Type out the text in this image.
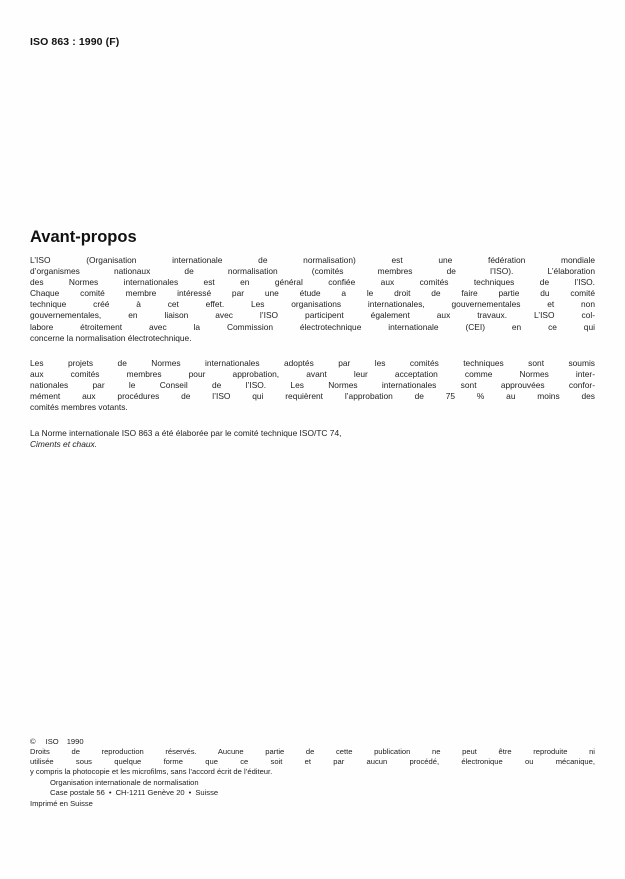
ISO 863 : 1990 (F)
Avant-propos
L’ISO (Organisation internationale de normalisation) est une fédération mondiale
d’organismes nationaux de normalisation (comités membres de l’ISO). L’élaboration
des Normes internationales est en général confiée aux comités techniques de l’ISO.
Chaque comité membre intéressé par une étude a le droit de faire partie du comité
technique créé à cet effet. Les organisations internationales, gouvernementales et non
gouvernementales, en liaison avec l’ISO participent également aux travaux. L’ISO col-
labore étroitement avec la Commission électrotechnique internationale (CEI) en ce qui
concerne la normalisation électrotechnique.
Les projets de Normes internationales adoptés par les comités techniques sont soumis
aux comités membres pour approbation, avant leur acceptation comme Normes inter-
nationales par le Conseil de l’ISO. Les Normes internationales sont approuvées confor-
mément aux procédures de l’ISO qui requièrent l’approbation de 75 % au moins des
comités membres votants.
La Norme internationale ISO 863 a été élaborée par le comité technique ISO/TC 74,
Ciments et chaux.
© ISO 1990
Droits de reproduction réservés. Aucune partie de cette publication ne peut être reproduite ni
utilisée sous quelque forme que ce soit et par aucun procédé, électronique ou mécanique,
y compris la photocopie et les microfilms, sans l’accord écrit de l’éditeur.
Organisation internationale de normalisation
Case postale 56 • CH-1211 Genève 20 • Suisse
Imprimé en Suisse
